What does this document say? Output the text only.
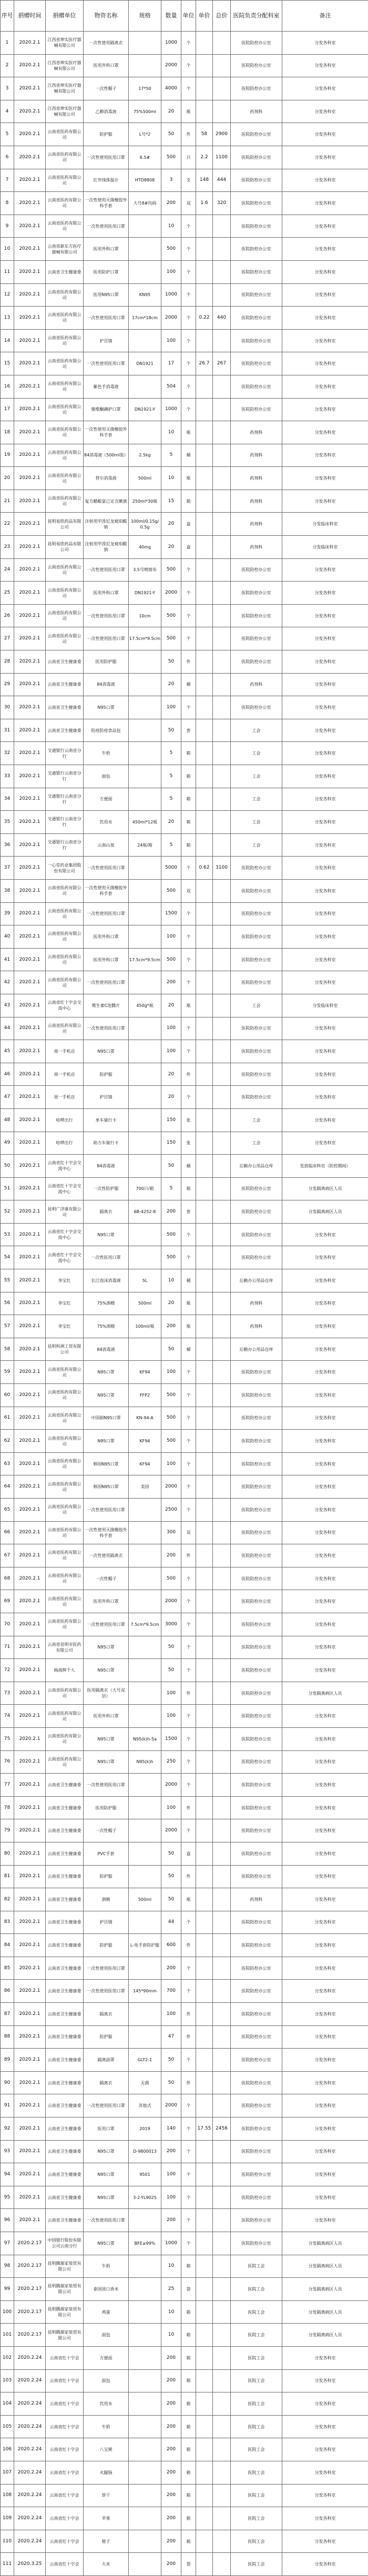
序号	捐赠时间	捐赠单位	物资名称	规格	数量	单位	单价	总价	医院负责分配科室	备注
1	2020.2.1	江西省坤实医疗器械有限公司	一次性使用隔离衣		1000	个			医院防控办公室	分发各科室
2	2020.2.1	江西省坤实医疗器械有限公司	医用外科口罩		2000	个			医院防控办公室	分发各科室
3	2020.2.1	江西省坤实医疗器械有限公司	一次性帽子	17*50	4000	个			医院防控办公室	分发各科室
4	2020.2.1	江西省坤实医疗器械有限公司	乙醇消毒液	75%500ml	20	瓶			药剂科	分发各科室
5	2020.2.1	云南省医药有限公司	防护服	L号*2	50	件	58	2900	医院防控办公室	分发各科室
6	2020.2.1	云南省医药有限公司	一次性使用医用口罩	6.5#	500	只	2.2	1100	医院防控办公室	分发各科室
7	2020.2.1	云南省医药有限公司	红外线体温计	HTD8808	3	支	148	444	医院防控办公室	分发各科室
8	2020.2.1	云南省医药有限公司	一次性使用灭菌橡胶外科手套	大号8#均码	200	双	1.6	320	医院防控办公室	分发各科室
9	2020.2.1	云南省医药有限公司	一次性使用医用口罩		10	个			医院防控办公室	分发各科室
10	2020.2.1	云南省新东方医疗器械有限公司	医用外科口罩		500	个			医院防控办公室	分发各科室
11	2020.2.1	云南省卫生健康委	医用防护口罩		100	个			医院防控办公室	分发各科室
12	2020.2.1	云南省医药有限公司	医用N95口罩	KN95	1000	个			医院防控办公室	分发各科室
13	2020.2.1	云南省医药有限公司	一次性使用医用口罩	17cm*18cm	2000	个	0.22	440	医院防控办公室	分发各科室
14	2020.2.1	云南省医药有限公司	护目镜		100	个			医院防控办公室	分发各科室
15	2020.2.1	云南省医药有限公司	一次性使用医用口罩	DN1921	17	个	26.7	267	医院防控办公室	分发各科室
16	2020.2.1	云南省医药有限公司	紫色手消毒液		504	个			医院防控办公室	分发各科室
17	2020.2.1	云南省医药有限公司	聚维酮碘护口罩	DN1921-Y	1000	个			医院防控办公室	分发各科室
18	2020.2.1	云南省医药有限公司	一次性使用灭菌橡胶外科手套		10	瓶			药剂科	分发各科室
19	2020.2.1	云南省医药有限公司	84消毒液（500ml装）	2.5kg	5	桶			药剂科	分发各科室
20	2020.2.1	云南省医药有限公司	替尔消毒液	500ml	10	瓶			药剂科	分发各科室
21	2020.2.1	云南省医药有限公司	复方醋酸氯已定含漱液	250ml*30瓶	15	箱			药剂科	分发各科室
22	2020.2.1	昆明易欣药品有限公司	注射用甲泼尼龙琥珀酸钠	100ml/0.15g/0.5g	20	盒			药剂科	分发临床科室
23	2020.2.1	昆明易欣药品有限公司	注射用甲泼尼龙琥珀酸钠	40mg	20	盒			药剂科	分发临床科室
24	2020.2.1	云南省医药有限公司	一次性使用医用口罩	3.5号喷熔布	500	个			医院防控办公室	分发各科室
25	2020.2.1	云南省医药有限公司	医用外科口罩	DN1921-Y	2000	个			医院防控办公室	分发各科室
26	2020.2.1	云南省医药有限公司	一次性使用医用口罩	10cm	500	个			医院防控办公室	分发各科室
27	2020.2.1	云南省医药有限公司	一次性使用医用口罩	17.5cm*9.5cm	500	个			医院防控办公室	分发各科室
28	2020.2.1	云南省卫生健康委	医用防护服		50	件			医院防控办公室	分发各科室
29	2020.2.1	云南省卫生健康委	84消毒液		20	桶			药剂科	分发各科室
30	2020.2.1	云南省卫生健康委	N95口罩		100	个			医院防控办公室	分发各科室
31	2020.2.1	云南省卫生健康委	防疫防疫食品包		50	套			工会	分发各科室
32	2020.2.1	交通银行云南省分行	牛奶		5	箱			工会	分发各科室
33	2020.2.1	交通银行云南省分行	面包		5	箱			工会	分发各科室
34	2020.2.1	交通银行云南省分行	方便面		5	箱			工会	分发各科室
35	2020.2.1	交通银行云南省分行	饮用水	450ml*12瓶	20	箱			工会	分发各科室
36	2020.2.1	交通银行云南省分行	云南山泉	24瓶/箱	5	箱			工会	分发各科室
37	2020.2.1	一心堂药业集团股份有限公司	一次性使用医用口罩		5000	个	0.62	3100	医院防控办公室	分发各科室
38	2020.2.1	云南省医药有限公司	一次性使用灭菌橡胶外科手套		500	双			医院防控办公室	分发各科室
39	2020.2.1	云南省医药有限公司	一次性使用医用口罩		1500	个			医院防控办公室	分发各科室
40	2020.2.1	云南省医药有限公司	医用外科口罩		100	个			医院防控办公室	分发各科室
41	2020.2.1	云南省医药有限公司	医用外科口罩	17.5cm*9.5cm	500	个			医院防控办公室	分发各科室
42	2020.2.1	云南省医药有限公司	一次性使用医用口罩		200	个			医院防控办公室	分发各科室
43	2020.2.1	云南省红十字会交流中心	维生素C泡腾片	450g*瓶	20	瓶			工会	分发临床科室
44	2020.2.1	云南省医药有限公司	一次性使用医用口罩		100	个			医院防控办公室	分发各科室
45	2020.2.1	周一手机店	N95口罩		100	个			医院防控办公室	分发各科室
46	2020.2.1	周一手机店	防护服		20	件			医院防控办公室	分发各科室
47	2020.2.1	周一手机店	护目镜		20	个			医院防控办公室	分发各科室
48	2020.2.1	哈啰出行	单车骑行卡		150	张			工会	分发各科室
49	2020.2.1	哈啰出行	助力车骑行卡		150	张			工会	分发各科室
50	2020.2.1	云南省红十字会交流中心	84消毒液		50	桶			后勤办公用品仓库	发放临床科室（防控期间）
51	2020.2.1	云南省红十字会交流中心	一次性防护服	700只/箱	5	箱			医院防控办公室	分发隔离病区人员
52	2020.2.1	昆明广济康有限公司	隔离衣	6B-4252-8	200	套			医院防控办公室	分发隔离病区人员
53	2020.2.1	云南省红十字会交流中心	N95口罩		500	个			医院防控办公室	分发各科室
54	2020.2.1	云南省红十字会交流中心	一次性医用口罩		500	个			医院防控办公室	分发各科室
55	2020.2.1	李宝红	长江泡沫消毒液	5L	10	桶			后勤办公用品仓库	分发各科室
56	2020.2.1	李宝红	75%酒精	500ml	20	瓶			药剂科	分发各科室
57	2020.2.1	李宝红	75%酒精	100ml/瓶	200	瓶			药剂科	分发各科室
58	2020.2.1	昆明科洲工贸有限公司	84消毒液		50	桶			后勤办公用品仓库	分发各科室
59	2020.2.1	云南省医药有限公司	N95口罩	KF94	100	个			医院防控办公室	分发各科室
60	2020.2.1	云南省医药有限公司	N95口罩	FFP2	500	个			医院防控办公室	分发各科室
61	2020.2.1	云南省医药有限公司	中国制N95口罩	KN-94-A	500	个			医院防控办公室	分发各科室
62	2020.2.1	云南省医药有限公司	N95口罩	KF94	500	个			医院防控办公室	分发各科室
63	2020.2.1	云南省医药有限公司	韩国N95口罩	KF94	100	个			医院防控办公室	分发各科室
64	2020.2.1	云南省医药有限公司	韩国N95口罩	美国	2000	个			医院防控办公室	分发各科室
65	2020.2.1	云南省医药有限公司	一次性使用医用口罩		2500	个			医院防控办公室	分发各科室
66	2020.2.1	云南省医药有限公司	一次性使用灭菌橡胶外科手套		300	双			医院防控办公室	分发各科室
67	2020.2.1	云南省医药有限公司	一次性使用隔离衣		200	件			医院防控办公室	分发各科室
68	2020.2.1	云南省医药有限公司	一次性帽子		500	个			医院防控办公室	分发各科室
69	2020.2.1	云南省医药有限公司	医用外科口罩		2000	个			医院防控办公室	分发各科室
70	2020.2.1	云南省医药有限公司	一次性使用医用口罩	7.5cm*9.5cm	3000	个			医院防控办公室	分发各科室
71	2020.2.1	云南省昆明市医药有限公司	N95口罩		50	个			医院防控办公室	分发各科室
72	2020.2.1	杨战辉个人	N95口罩		50	个			医院防控办公室	分发各科室
73	2020.2.1	云南省医药有限公司	医用隔离衣（大号双层）		100	件			医院防控办公室	分发隔离病区人员
74	2020.2.1	云南省医药有限公司	医用外科口罩		100	个			医院防控办公室	分发各科室
75	2020.2.1	云南省医药有限公司	N95口罩	N95(k)h-5a	1500	个			医院防控办公室	分发各科室
76	2020.2.1	云南省医药有限公司	N95口罩	N95(k)h	250	个			医院防控办公室	分发各科室
77	2020.2.1	云南省卫生健康委	一次性使用医用口罩		2000	个			医院防控办公室	分发各科室
78	2020.2.1	云南省卫生健康委	医用防护服		100	件			医院防控办公室	分发各科室
79	2020.2.1	云南省卫生健康委	一次性帽子		2000	个			医院防控办公室	分发各科室
80	2020.2.1	云南省卫生健康委	PVC手套		50	盒			医院防控办公室	分发各科室
81	2020.2.1	云南省卫生健康委	防护服		50	件			医院防控办公室	分发各科室
82	2020.2.1	云南省卫生健康委	酒精	500ml	50	瓶			药剂科	分发各科室
83	2020.2.1	云南省卫生健康委	护目镜		44	个			医院防控办公室	分发各科室
84	2020.2.1	云南省卫生健康委	防护服	L-免手套防护服	600	件			医院防控办公室	分发各科室
85	2020.2.1	云南省卫生健康委	一次性使用医用口罩		200	个			医院防控办公室	分发各科室
86	2020.2.1	云南省卫生健康委	一次性使用医用口罩	145*90mm	700	个			医院防控办公室	分发各科室
87	2020.2.1	云南省卫生健康委	隔离衣		100	件			医院防控办公室	分发各科室
88	2020.2.1	云南省卫生健康委	防护服		47	件			医院防控办公室	分发各科室
89	2020.2.1	云南省卫生健康委	隔离面罩	GLT2-1	50	个			医院防控办公室	分发各科室
90	2020.2.1	云南省卫生健康委	隔离衣	无菌	50	件			医院防控办公室	分发各科室
91	2020.2.1	云南省卫生健康委	一次性使用医用口罩	其他式	2000	个			医院防控办公室	分发各科室
92	2020.2.1	云南省卫生健康委	医用口罩	2019	140	个	17.55	2456	医院防控办公室	分发各科室
93	2020.2.1	云南省卫生健康委	N95口罩	D-9800013	200	个			医院防控办公室	分发各科室
94	2020.2.1	云南省卫生健康委	N95口罩	9501	100	个			医院防控办公室	分发各科室
95	2020.2.1	云南省卫生健康委	N95口罩	3-2-YL9025	100	个			医院防控办公室	分发各科室
96	2020.2.1	云南省卫生健康委	一次性使用医用口罩		200	个			医院防控办公室	分发各科室
97	2020.2.17	中国银行股份有限公司云南分行	N95口罩	BFE≥99%	1000	个			医院防控办公室	分发隔离病区人员
98	2020.2.17	昆明腾源家装贸有限公司	牛奶		10	箱			医院工会	分发隔离病区人员
99	2020.2.17	昆明腾源家装贸有限公司	泰国进口香米		25	袋			医院工会	分发隔离病区人员
100	2020.2.17	昆明腾源家装贸有限公司	鸡蛋		10	箱			医院工会	分发隔离病区人员
101	2020.2.17	昆明腾源家装贸有限公司	面包		10	箱			医院工会	分发隔离病区人员
102	2020.2.24	云南省红十字会	方便面		200	箱			医院工会	分发各科室
103	2020.2.24	云南省红十字会	面包		200	箱			医院工会	分发各科室
104	2020.2.24	云南省红十字会	饮用水		200	箱			医院工会	分发各科室
105	2020.2.24	云南省红十字会	牛奶		200	箱			医院工会	分发各科室
106	2020.2.24	云南省红十字会	八宝粥		200	箱			医院工会	分发各科室
107	2020.2.24	云南省红十字会	火腿肠		200	箱			医院工会	分发各科室
108	2020.2.24	云南省红十字会	饼干		200	箱			医院工会	分发各科室
109	2020.2.24	云南省红十字会	苹果		200	箱			医院工会	分发各科室
110	2020.2.24	云南省红十字会	橙子		200	箱			医院工会	分发各科室
111	2020.3.25	云南省红十字会	大米		200	袋			医院工会	分发各科室
